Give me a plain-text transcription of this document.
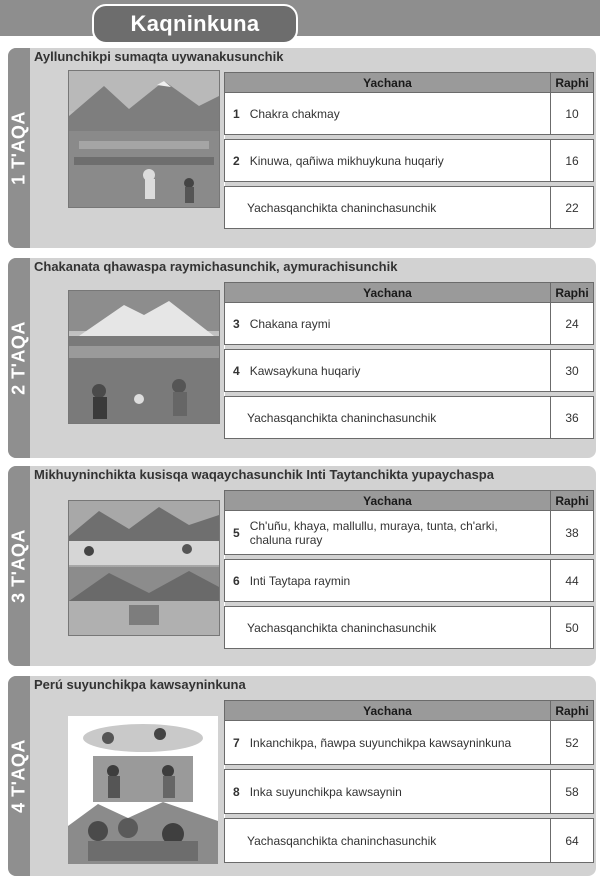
Kaqninkuna
1 T'AQA
Ayllunchikpi sumaqta uywanakusunchik
Yachana	Raphi

1 Chakra chakmay	10

2 Kinuwa, qañiwa mikhuykuna huqariy	16

Yachasqanchikta chaninchasunchik	22
2 T'AQA
Chakanata qhawaspa raymichasunchik, aymurachisunchik
Yachana	Raphi

3 Chakana raymi	24

4 Kawsaykuna huqariy	30

Yachasqanchikta chaninchasunchik	36
3 T'AQA
Mikhuyninchikta kusisqa waqaychasunchik Inti Taytanchikta yupaychaspa
Yachana	Raphi

5 Ch'uñu, khaya, mallullu, muraya, tunta, ch'arki, chaluna ruray	38

6 Inti Taytapa raymin	44

Yachasqanchikta chaninchasunchik	50
4 T'AQA
Perú suyunchikpa kawsayninkuna
Yachana	Raphi

7 Inkanchikpa, ñawpa suyunchikpa kawsayninkuna	52

8 Inka suyunchikpa kawsaynin	58

Yachasqanchikta chaninchasunchik	64
